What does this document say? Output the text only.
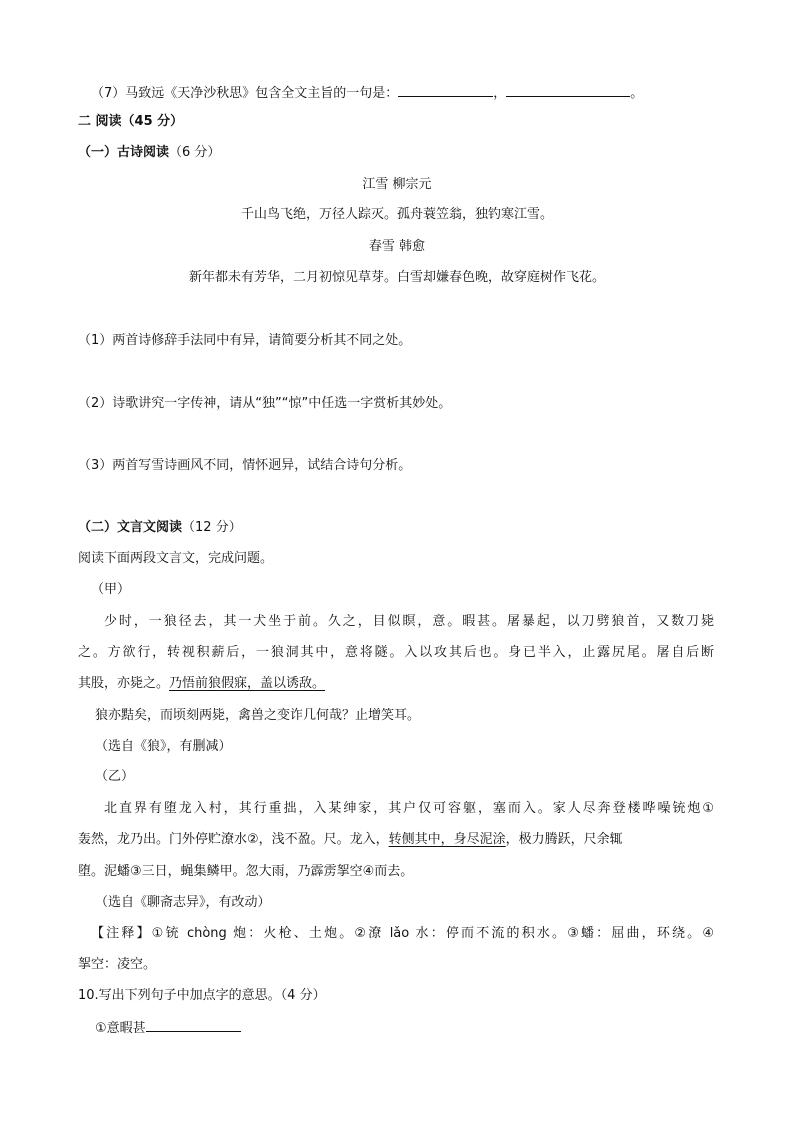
（7）马致远《天净沙秋思》包含全文主旨的一句是：	，	。
二 阅读（45 分）
（一）古诗阅读（6 分）
江雪 柳宗元
千山鸟飞绝，万径人踪灭。孤舟蓑笠翁，独钓寒江雪。
春雪 韩愈
新年都未有芳华，二月初惊见草芽。白雪却嫌春色晚，故穿庭树作飞花。
（1）两首诗修辞手法同中有异，请简要分析其不同之处。
（2）诗歌讲究一字传神，请从“独”“惊”中任选一字赏析其妙处。
（3）两首写雪诗画风不同，情怀迥异，试结合诗句分析。
（二）文言文阅读（12 分）
阅读下面两段文言文，完成问题。
（甲）
少时，一狼径去，其一犬坐于前。久之，目似瞑，意。暇甚。屠暴起，以刀劈狼首，又数刀毙
之。方欲行，转视积薪后，一狼洞其中，意将隧。入以攻其后也。身已半入，止露尻尾。屠自后断
其股，亦毙之。乃悟前狼假寐，盖以诱敌。
狼亦黠矣，而顷刻两毙，禽兽之变诈几何哉？止增笑耳。
（选自《狼》，有删减）
（乙）
北直界有堕龙入村，其行重拙，入某绅家，其户仅可容躯，塞而入。家人尽奔登楼哗噪铳炮①
轰然，龙乃出。门外停贮潦水②，浅不盈。尺。龙入，转侧其中，身尽泥涂，极力腾跃，尺余辄
堕。泥蟠③三日，蝇集鳞甲。忽大雨，乃霹雳挐空④而去。
（选自《聊斋志异》，有改动）
【注释】①铳 chòng 炮：火枪、土炮。②潦 lǎo 水：停而不流的积水。③蟠：屈曲，环绕。④
挐空：凌空。
10.写出下列句子中加点字的意思。（4 分）
①意暇甚
